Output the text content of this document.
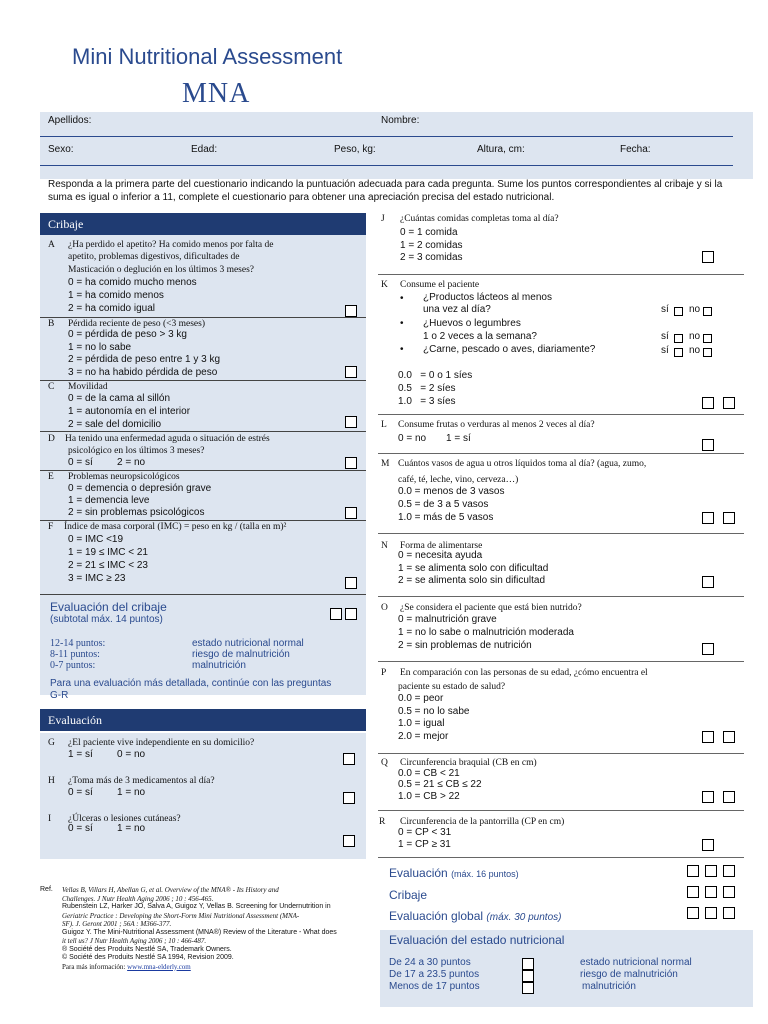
Mini Nutritional Assessment
MNA
Apellidos:	Nombre:
Sexo:	Edad:	Peso, kg:	Altura, cm:	Fecha:
Responda a la primera parte del cuestionario indicando la puntuación adecuada para cada pregunta. Sume los puntos correspondientes al cribaje y si la suma es igual o inferior a 11, complete el cuestionario para obtener una apreciación precisa del estado nutricional.
Cribaje
A ¿Ha perdido el apetito? Ha comido menos por falta de
apetito, problemas digestivos, dificultades de
Masticación o deglución en los últimos 3 meses?
0 = ha comido mucho menos
1 = ha comido menos
2 = ha comido igual
B Pérdida reciente de peso (<3 meses)
0 = pérdida de peso > 3 kg
1 = no lo sabe
2 = pérdida de peso entre 1 y 3 kg
3 = no ha habido pérdida de peso
C Movilidad
0 = de la cama al sillón
1 = autonomía en el interior
2 = sale del domicilio
D Ha tenido una enfermedad aguda o situación de estrés
psicológico en los últimos 3 meses?
0 = sí 2 = no
E Problemas neuropsicológicos
0 = demencia o depresión grave
1 = demencia leve
2 = sin problemas psicológicos
F Índice de masa corporal (IMC) = peso en kg / (talla en m)²
0 = IMC <19
1 = 19 ≤ IMC < 21
2 = 21 ≤ IMC < 23
3 = IMC ≥ 23
Evaluación del cribaje
(subtotal máx. 14 puntos)
12-14 puntos:	estado nutricional normal
8-11 puntos:	riesgo de malnutrición
0-7 puntos:	malnutrición
Para una evaluación más detallada, continúe con las preguntas
G-R
Evaluación
G ¿El paciente vive independiente en su domicilio?
1 = sí 0 = no
H ¿Toma más de 3 medicamentos al día?
0 = sí 1 = no
I ¿Úlceras o lesiones cutáneas?
0 = sí 1 = no
Ref. Vellas B, Villars H, Abellan G, et al. Overview of the MNA® - Its History and
Challenges. J Nutr Health Aging 2006 ; 10 : 456-465.
Rubenstein LZ, Harker JO, Salva A, Guigoz Y, Vellas B. Screening for Undernutrition in
Geriatric Practice : Developing the Short-Form Mini Nutritional Assessment (MNA-
SF). J. Geront 2001 ; 56A : M366-377.
Guigoz Y. The Mini-Nutritional Assessment (MNA®) Review of the Literature - What does
it tell us? J Nutr Health Aging 2006 ; 10 : 466-487.
® Société des Produits Nestlé SA, Trademark Owners.
© Société des Produits Nestlé SA 1994, Revision 2009.
Para más información: www.mna-elderly.com
J ¿Cuántas comidas completas toma al día?
0 = 1 comida
1 = 2 comidas
2 = 3 comidas
K Consume el paciente
• ¿Productos lácteos al menos
una vez al día?	sí no
• ¿Huevos o legumbres
1 o 2 veces a la semana?	sí no
• ¿Carne, pescado o aves, diariamente?	sí no
0.0   = 0 o 1 síes
0.5   = 2 síes
1.0   = 3 síes
L Consume frutas o verduras al menos 2 veces al día?
0 = no 1 = sí
M Cuántos vasos de agua u otros líquidos toma al día? (agua, zumo,
café, té, leche, vino, cerveza…)
0.0 = menos de 3 vasos
0.5 = de 3 a 5 vasos
1.0 = más de 5 vasos
N Forma de alimentarse
0 = necesita ayuda
1 = se alimenta solo con dificultad
2 = se alimenta solo sin dificultad
O ¿Se considera el paciente que está bien nutrido?
0 = malnutrición grave
1 = no lo sabe o malnutrición moderada
2 = sin problemas de nutrición
P En comparación con las personas de su edad, ¿cómo encuentra el
paciente su estado de salud?
0.0 = peor
0.5 = no lo sabe
1.0 = igual
2.0 = mejor
Q Circunferencia braquial (CB en cm)
0.0 = CB < 21
0.5 = 21 ≤ CB ≤ 22
1.0 = CB > 22
R Circunferencia de la pantorrilla (CP en cm)
0 = CP < 31
1 = CP ≥ 31
Evaluación (máx. 16 puntos)
Cribaje
Evaluación global (máx. 30 puntos)
Evaluación del estado nutricional
De 24 a 30 puntos	estado nutricional normal
De 17 a 23.5 puntos	riesgo de malnutrición
Menos de 17 puntos	malnutrición
